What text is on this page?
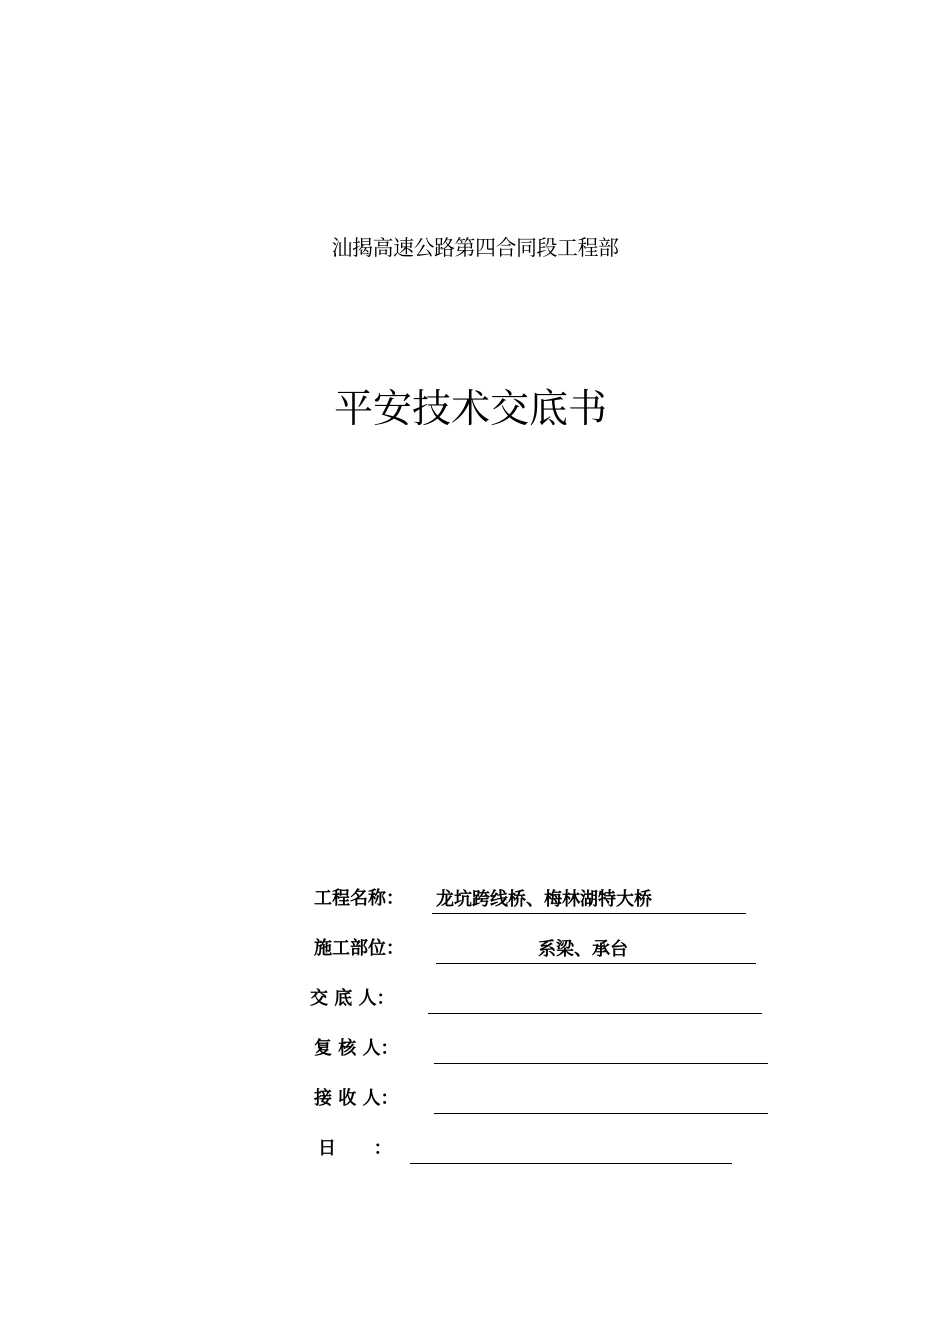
汕揭高速公路第四合同段工程部
平安技术交底书
工程名称： 龙坑跨线桥、梅林湖特大桥
施工部位：	系梁、承台
交 底 人：
复 核 人：
接 收 人：
日      ：
